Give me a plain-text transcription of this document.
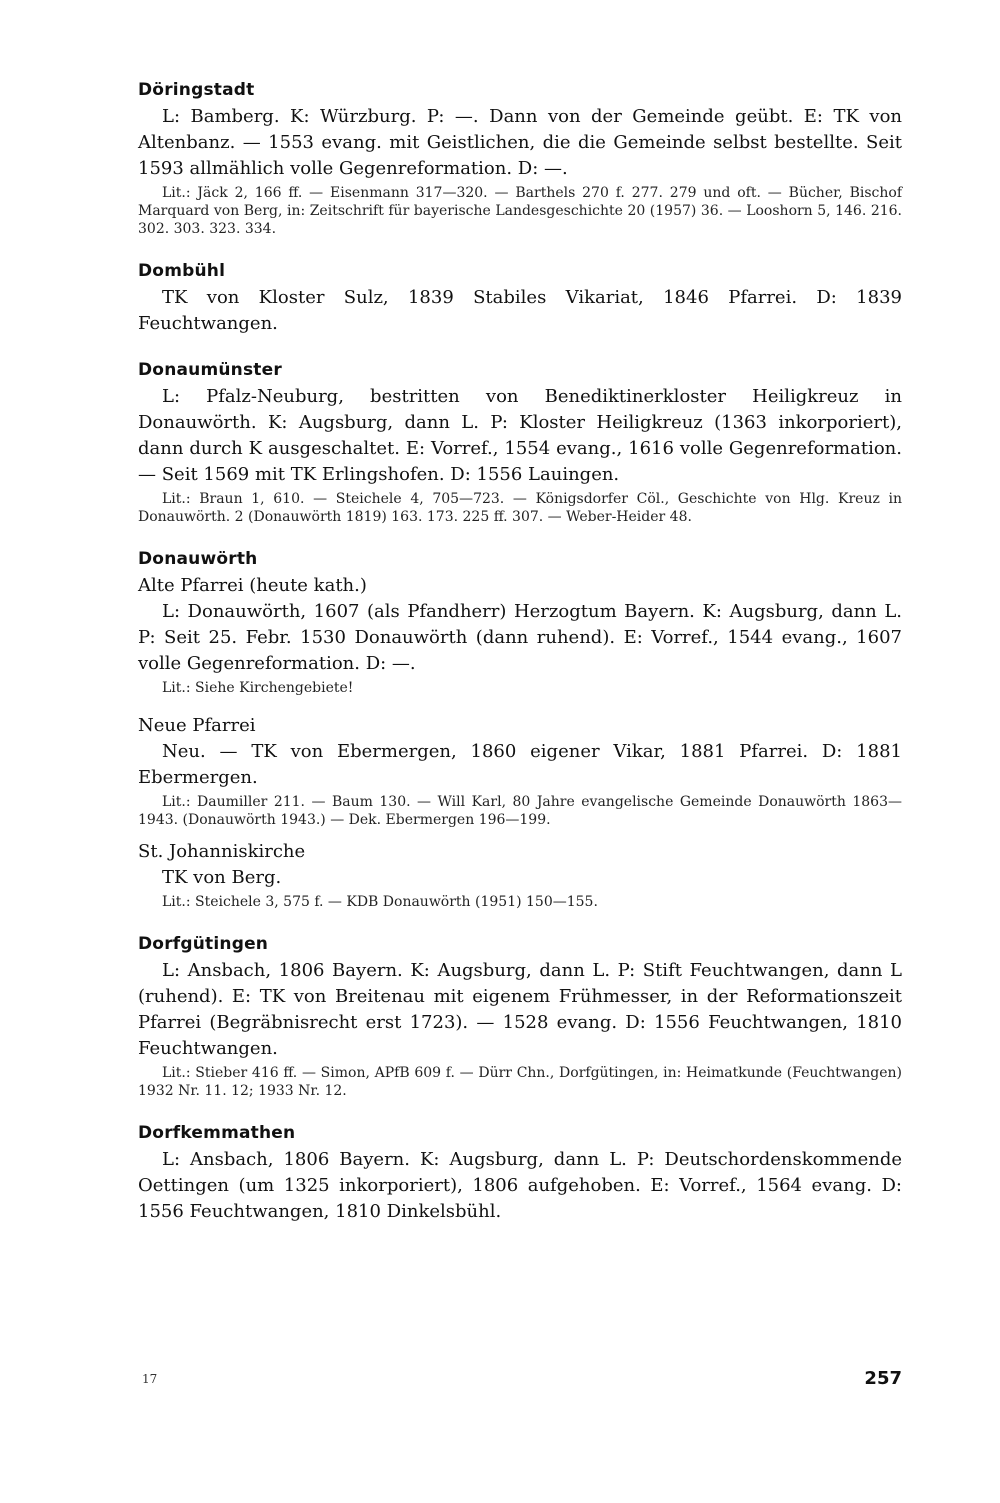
Döringstadt

L: Bamberg. K: Würzburg. P: —. Dann von der Gemeinde geübt. E: TK von Altenbanz. — 1553 evang. mit Geistlichen, die die Gemeinde selbst bestellte. Seit 1593 allmählich volle Gegenreformation. D: —.

Lit.: Jäck 2, 166 ff. — Eisenmann 317—320. — Barthels 270 f. 277. 279 und oft. — Bücher, Bischof Marquard von Berg, in: Zeitschrift für bayerische Landesgeschichte 20 (1957) 36. — Looshorn 5, 146. 216. 302. 303. 323. 334.

Dombühl

TK von Kloster Sulz, 1839 Stabiles Vikariat, 1846 Pfarrei. D: 1839 Feuchtwangen.

Donaumünster

L: Pfalz-Neuburg, bestritten von Benediktinerkloster Heiligkreuz in Donauwörth. K: Augsburg, dann L. P: Kloster Heiligkreuz (1363 inkorporiert), dann durch K ausgeschaltet. E: Vorref., 1554 evang., 1616 volle Gegenreformation. — Seit 1569 mit TK Erlingshofen. D: 1556 Lauingen.

Lit.: Braun 1, 610. — Steichele 4, 705—723. — Königsdorfer Cöl., Geschichte von Hlg. Kreuz in Donauwörth. 2 (Donauwörth 1819) 163. 173. 225 ff. 307. — Weber-Heider 48.

Donauwörth
Alte Pfarrei (heute kath.)

L: Donauwörth, 1607 (als Pfandherr) Herzogtum Bayern. K: Augsburg, dann L. P: Seit 25. Febr. 1530 Donauwörth (dann ruhend). E: Vorref., 1544 evang., 1607 volle Gegenreformation. D: —.

Lit.: Siehe Kirchengebiete!

Neue Pfarrei

Neu. — TK von Ebermergen, 1860 eigener Vikar, 1881 Pfarrei. D: 1881 Ebermergen.

Lit.: Daumiller 211. — Baum 130. — Will Karl, 80 Jahre evangelische Gemeinde Donauwörth 1863—1943. (Donauwörth 1943.) — Dek. Ebermergen 196—199.

St. Johanniskirche

TK von Berg.

Lit.: Steichele 3, 575 f. — KDB Donauwörth (1951) 150—155.

Dorfgütingen

L: Ansbach, 1806 Bayern. K: Augsburg, dann L. P: Stift Feuchtwangen, dann L (ruhend). E: TK von Breitenau mit eigenem Frühmesser, in der Reformationszeit Pfarrei (Begräbnisrecht erst 1723). — 1528 evang. D: 1556 Feuchtwangen, 1810 Feuchtwangen.

Lit.: Stieber 416 ff. — Simon, APfB 609 f. — Dürr Chn., Dorfgütingen, in: Heimatkunde (Feuchtwangen) 1932 Nr. 11. 12; 1933 Nr. 12.

Dorfkemmathen

L: Ansbach, 1806 Bayern. K: Augsburg, dann L. P: Deutschordenskommende Oettingen (um 1325 inkorporiert), 1806 aufgehoben. E: Vorref., 1564 evang. D: 1556 Feuchtwangen, 1810 Dinkelsbühl.

17	257
